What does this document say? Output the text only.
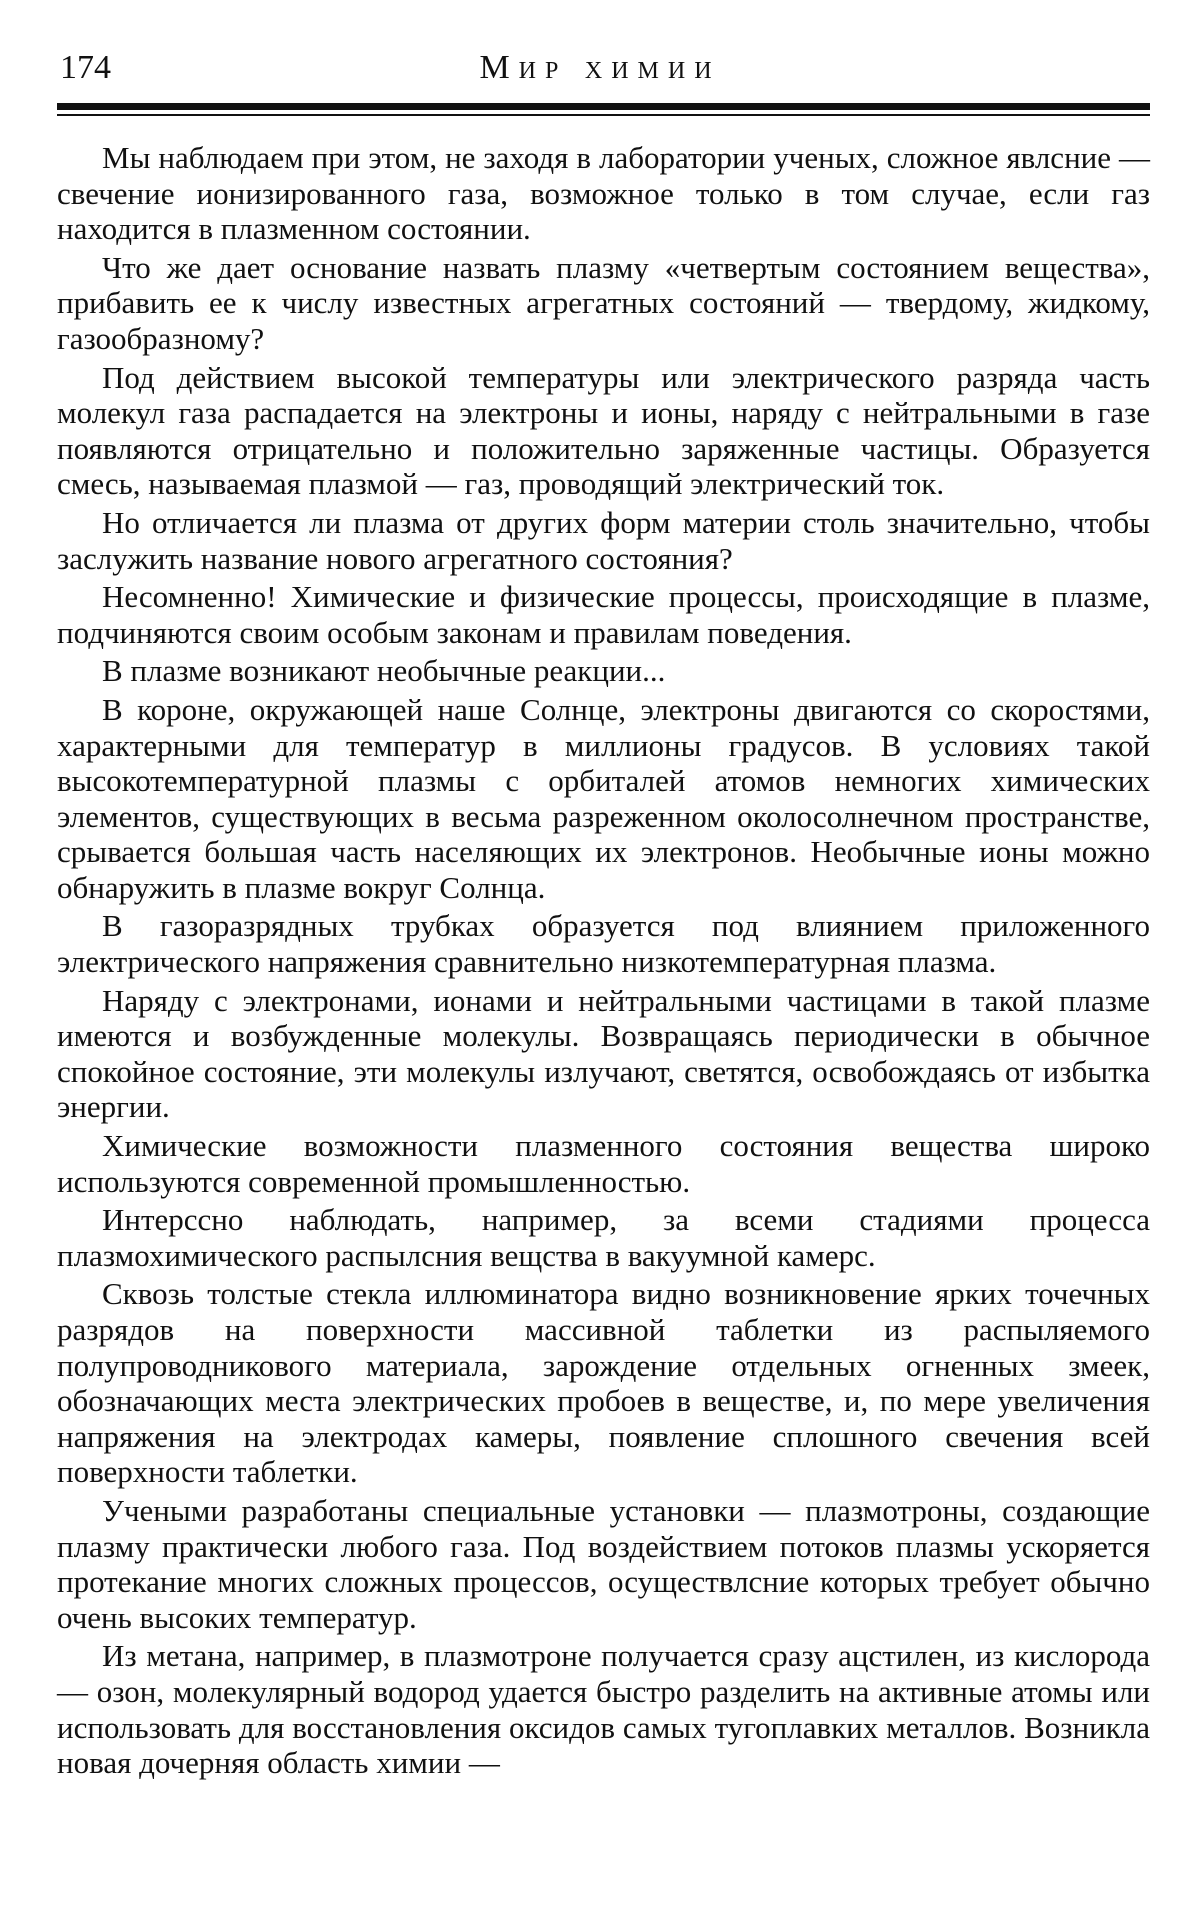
174	Мир химии

Мы наблюдаем при этом, не заходя в лаборатории ученых, сложное явлсние — свечение ионизированного газа, возможное только в том случае, если газ находится в плазменном состоянии.

Что же дает основание назвать плазму «четвертым состоянием вещества», прибавить ее к числу известных агрегатных состояний — твердому, жидкому, газообразному?

Под действием высокой температуры или электрического разряда часть молекул газа распадается на электроны и ионы, наряду с нейтральными в газе появляются отрицательно и положительно заряженные частицы. Образуется смесь, называемая плазмой — газ, проводящий электрический ток.

Но отличается ли плазма от других форм материи столь значительно, чтобы заслужить название нового агрегатного состояния?

Несомненно! Химические и физические процессы, происходящие в плазме, подчиняются своим особым законам и правилам поведения.

В плазме возникают необычные реакции...

В короне, окружающей наше Солнце, электроны двигаются со скоростями, характерными для температур в миллионы градусов. В условиях такой высокотемпературной плазмы с орбиталей атомов немногих химических элементов, существующих в весьма разреженном околосолнечном пространстве, срывается большая часть населяющих их электронов. Необычные ионы можно обнаружить в плазме вокруг Солнца.

В газоразрядных трубках образуется под влиянием приложенного электрического напряжения сравнительно низкотемпературная плазма.

Наряду с электронами, ионами и нейтральными частицами в такой плазме имеются и возбужденные молекулы. Возвращаясь периодически в обычное спокойное состояние, эти молекулы излучают, светятся, освобождаясь от избытка энергии.

Химические возможности плазменного состояния вещества широко используются современной промышленностью.

Интерссно наблюдать, например, за всеми стадиями процесса плазмохимического распылсния вещства в вакуумной камерс.

Сквозь толстые стекла иллюминатора видно возникновение ярких точечных разрядов на поверхности массивной таблетки из распыляемого полупроводникового материала, зарождение отдельных огненных змеек, обозначающих места электрических пробоев в веществе, и, по мере увеличения напряжения на электродах камеры, появление сплошного свечения всей поверхности таблетки.

Учеными разработаны специальные установки — плазмотроны, создающие плазму практически любого газа. Под воздействием потоков плазмы ускоряется протекание многих сложных процессов, осуществлсние которых требует обычно очень высоких температур.

Из метана, например, в плазмотроне получается сразу ацстилен, из кислорода — озон, молекулярный водород удается быстро разделить на активные атомы или использовать для восстановления оксидов самых тугоплавких металлов. Возникла новая дочерняя область химии —
